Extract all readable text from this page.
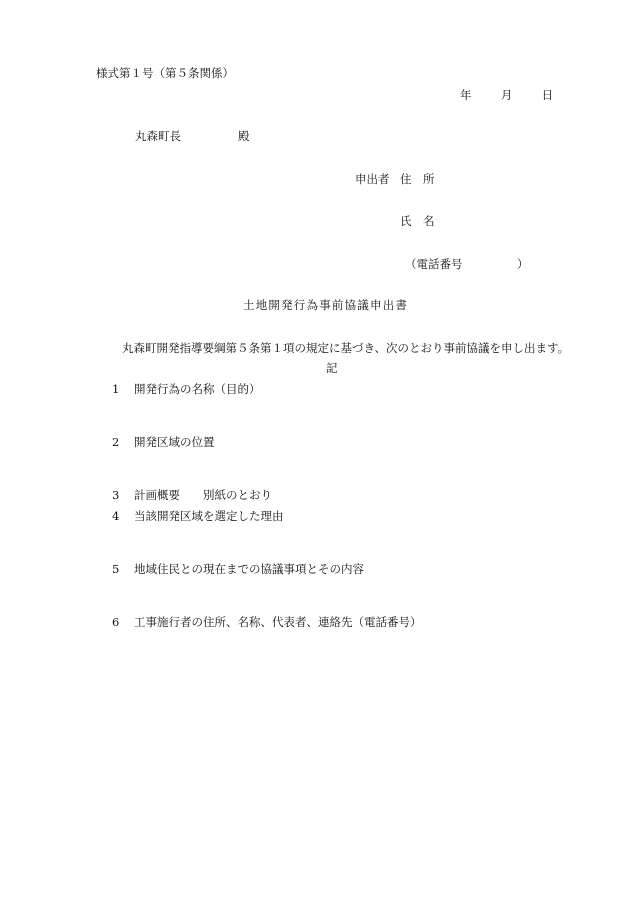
様式第１号（第５条関係）
年	月	日
丸森町長	殿
申出者 住　所
氏　名
（電話番号	）
土地開発行為事前協議申出書
丸森町開発指導要綱第５条第１項の規定に基づき、次のとおり事前協議を申し出ます。
記
1	開発行為の名称（目的）
2	開発区域の位置
3	計画概要 別紙のとおり
4	当該開発区域を選定した理由
5	地域住民との現在までの協議事項とその内容
6	工事施行者の住所、名称、代表者、連絡先（電話番号）
